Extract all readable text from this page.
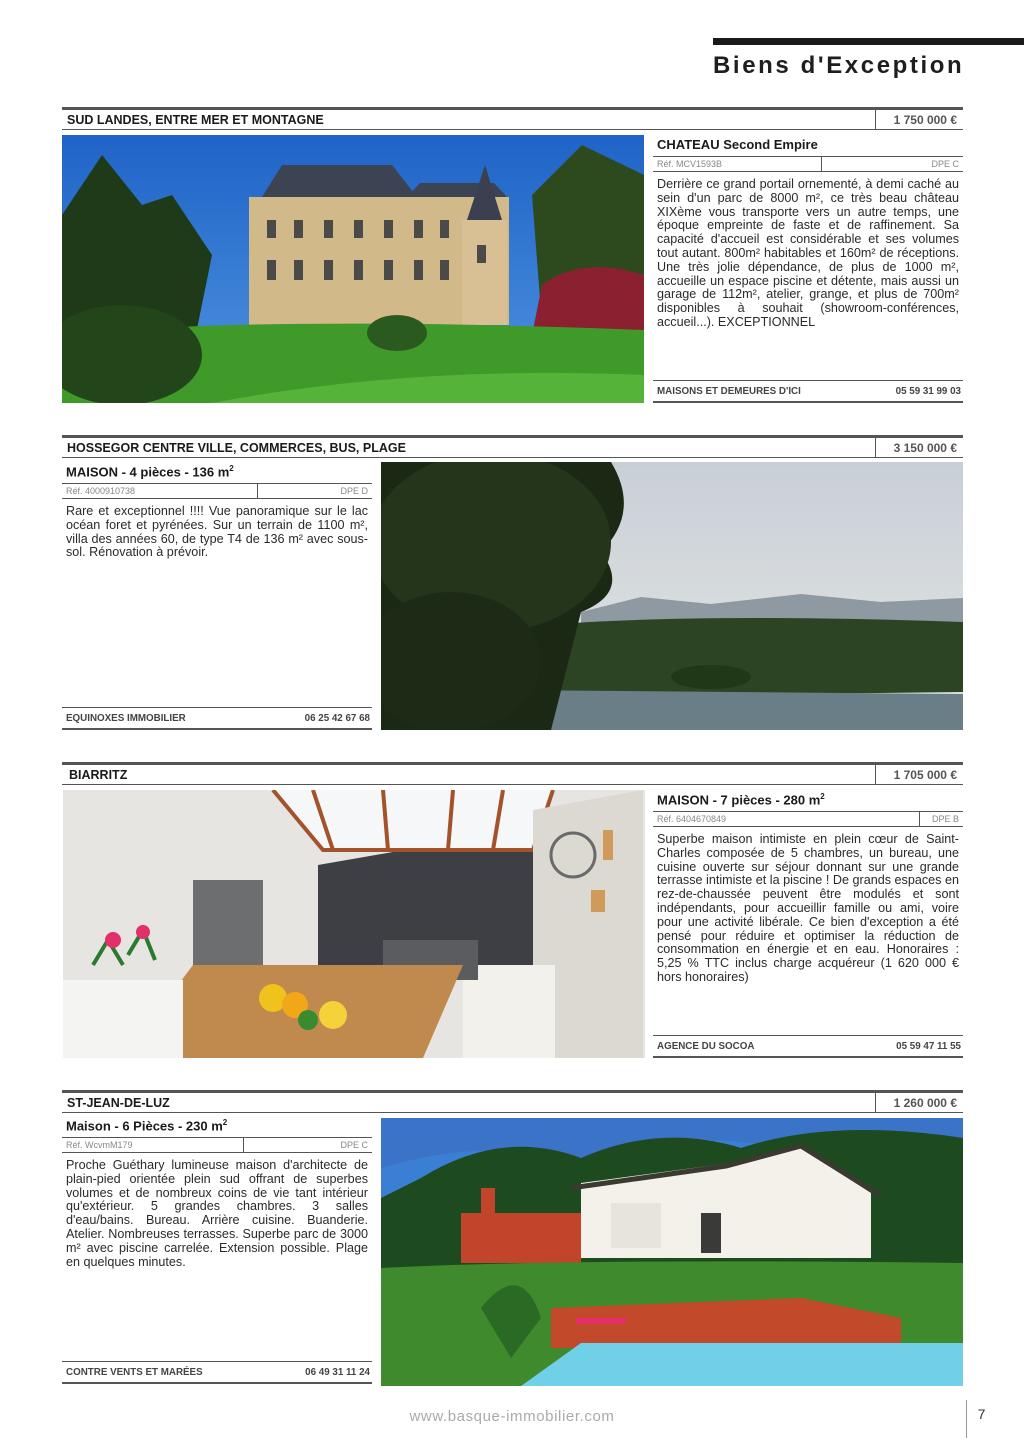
Biens d'Exception
SUD LANDES, ENTRE MER ET MONTAGNE	1 750 000 €
CHATEAU Second Empire
Réf. MCV1593B	DPE C
Derrière ce grand portail ornementé, à demi caché au sein d'un parc de 8000 m², ce très beau château XIXème vous transporte vers un autre temps, une époque empreinte de faste et de raffinement. Sa capacité d'accueil est considérable et ses volumes tout autant. 800m² habitables et 160m² de réceptions. Une très jolie dépendance, de plus de 1000 m², accueille un espace piscine et détente, mais aussi un garage de 112m², atelier, grange, et plus de 700m² disponibles à souhait (showroom-conférences, accueil...). EXCEPTIONNEL
MAISONS ET DEMEURES D'ICI	05 59 31 99 03
HOSSEGOR CENTRE VILLE, COMMERCES, BUS, PLAGE	3 150 000 €
MAISON - 4 pièces - 136 $m^2$
Réf. 4000910738	DPE D
Rare et exceptionnel !!!! Vue panoramique sur le lac océan foret et pyrénées. Sur un terrain de 1100 m², villa des années 60, de type T4 de 136 m² avec sous-sol. Rénovation à prévoir.
EQUINOXES IMMOBILIER	06 25 42 67 68
BIARRITZ	1 705 000 €
MAISON - 7 pièces - 280 $m^2$
Réf. 6404670849	DPE B
Superbe maison intimiste en plein cœur de Saint-Charles composée de 5 chambres, un bureau, une cuisine ouverte sur séjour donnant sur une grande terrasse intimiste et la piscine ! De grands espaces en rez-de-chaussée peuvent être modulés et sont indépendants, pour accueillir famille ou ami, voire pour une activité libérale. Ce bien d'exception a été pensé pour réduire et optimiser la réduction de consommation en énergie et en eau. Honoraires : 5,25 % TTC inclus charge acquéreur (1 620 000 € hors honoraires)
AGENCE DU SOCOA	05 59 47 11 55
ST-JEAN-DE-LUZ	1 260 000 €
Maison - 6 Pièces - 230 $m^2$
Réf. WcvmM179	DPE C
Proche Guéthary lumineuse maison d'architecte de plain-pied orientée plein sud offrant de superbes volumes et de nombreux coins de vie tant intérieur qu'extérieur. 5 grandes chambres. 3 salles d'eau/bains. Bureau. Arrière cuisine. Buanderie. Atelier. Nombreuses terrasses. Superbe parc de 3000 m² avec piscine carrelée. Extension possible. Plage en quelques minutes.
CONTRE VENTS ET MARÉES	06 49 31 11 24
www.basque-immobilier.com	7
